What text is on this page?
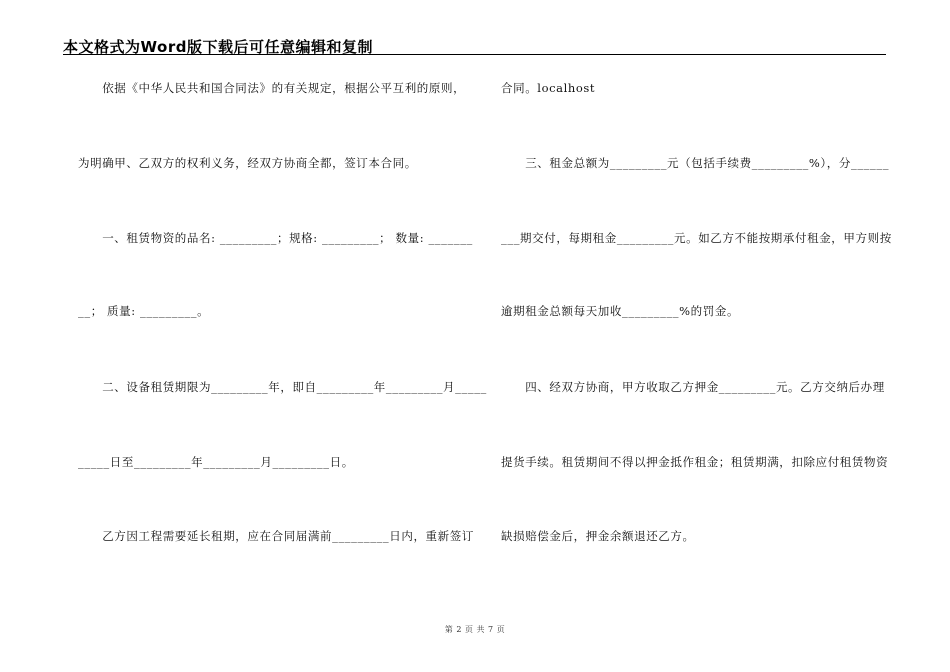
本文格式为Word版下载后可任意编辑和复制
　　依据《中华人民共和国合同法》的有关规定，根据公平互利的原则，
为明确甲、乙双方的权利义务，经双方协商全都，签订本合同。
　　一、租赁物资的品名: _________；规格: _________； 数量: _______
__； 质量: _________。
　　二、设备租赁期限为_________年，即自_________年_________月_____
_____日至_________年_________月_________日。
　　乙方因工程需要延长租期，应在合同届满前_________日内，重新签订
合同。localhost
　　三、租金总额为_________元（包括手续费_________%），分______
___期交付，每期租金_________元。如乙方不能按期承付租金，甲方则按
逾期租金总额每天加收_________%的罚金。
　　四、经双方协商，甲方收取乙方押金_________元。乙方交纳后办理
提货手续。租赁期间不得以押金抵作租金；租赁期满，扣除应付租赁物资
缺损赔偿金后，押金余额退还乙方。
第 2 页 共 7 页
